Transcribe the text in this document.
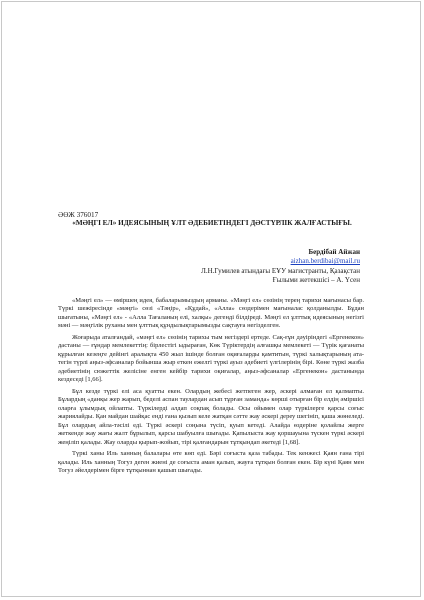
ӘӨЖ 376017
«МӘҢГІ ЕЛ» ИДЕЯСЫНЫҢ ҰЛТ ӘДЕБИЕТІНДЕГІ ДӘСТҮРЛІК ЖАЛҒАСТЫҒЫ.
Бердібай Айжан
aizhan.berdibai@mail.ru
Л.Н.Гумилев атындағы ЕҰУ магистранты, Қазақстан
Ғылыми жетекшісі – А. Үсен

«Мәңгі ел» — өміршең идея, бабаларымыздың арманы. «Мәңгі ел» сөзінің терең тарихи мағынасы бар. Түркі шежіресінде «мәңгі» сөзі «Тәңір», «Құдай», «Алла» сөздерімен мағыналас қолданылды. Бұдан шығатыны, «Мәңгі ел» - «Алла Тағаланың елі, халқы» дегенді білдіреді. Мәңгі ел ұлттық идеясының негізгі мәні — мәңгілік руханы мен ұлттық құндылықтарымызды сақтауға негізделген.

Жоғарыда аталғандай, «мәңгі ел» сөзінің тарихы тым негіздері ертеде. Сақ-ғұн дәуіріндегі «Ергенекон» дастаны — ғұндар мемлекеттің: бірлестігі ыдыраған, Көк Түріктердің алғашқы мемлекеті — Түрік қағанаты құрылған кезеңге дейінгі аралықта 450 жыл ішінде болған оқиғаларды қамтитын, түркі халықтарының ата-тегін түрлі аңыз-әфсаналар бойынша жыр еткен ежелгі түркі ауыз әдебиеті үлгілерінің бірі. Көне түркі жазба әдебиетінің сюжеттік желісіне енген кейбір тарихи оқиғалар, аңыз-әфсаналар «Ергенекон» дастанында кездеседі [1,66].

Бұл кезде түркі елі аса қуатты екен. Олардың жебесі жетпеген жер, әскері алмаған ел қалмапты. Бұлардың «данқы жер жарып, беделі аспан таулардан асып тұрған заманда» көрші отырған бір елдің әміршісі оларға ұлымдық ойлапты. Түркілерді алдап соқпақ болады. Осы ойымен олар түркілерге қарсы соғыс жариялайды. Қан майдан шайқас енді ғана қызып келе жатқан сәтте жау әскері дереу шегініп, қаша жөнеледі. Бұл олардың айла-тәсілі еді. Түркі әскері соңына түсіп, қуып кетеді. Алайда өздеріне қолайлы жерге жеткенде жау жағы жалт бұрылып, қарсы шабуылға шығады. Қапылыста жау қоршауына түскен түркі әскері жеңіліп қалады. Жау оларды қырып-жойып, тірі қалғандарын тұтқындап әкетеді [1,68].

Түркі ханы Иль ханның балалары өте көп еді. Бәрі соғыста қаза табады. Тек кенжесі Қаян ғана тірі қалады. Иль ханның Тогуз деген жиені де соғыста аман қалып, жауға тұтқын болған екен. Бір күні Қаян мен Тогуз әйелдерімен бірге тұтқыннан қашып шығады.
